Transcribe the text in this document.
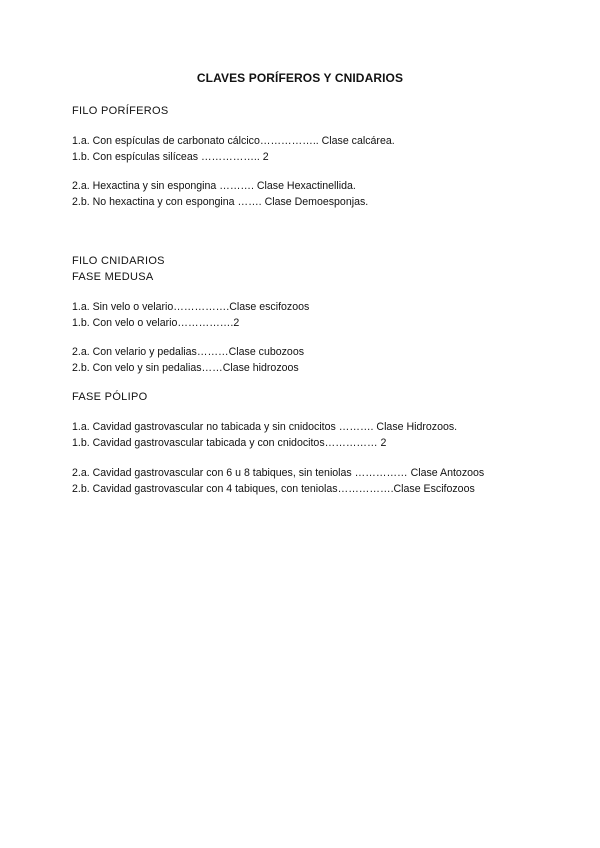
CLAVES PORÍFEROS Y CNIDARIOS
FILO PORÍFEROS
1.a. Con espículas de carbonato cálcico…………….. Clase calcárea.
1.b. Con espículas silíceas …………….. 2
2.a. Hexactina y sin espongina ………. Clase Hexactinellida.
2.b. No hexactina y con espongina ……. Clase Demoesponjas.
FILO CNIDARIOS
FASE MEDUSA
1.a. Sin velo o velario…………….Clase escifozoos
1.b. Con velo o velario…………….2
2.a. Con velario y pedalias………Clase cubozoos
2.b. Con velo y sin pedalias……Clase hidrozoos
FASE PÓLIPO
1.a. Cavidad gastrovascular no tabicada y sin cnidocitos ………. Clase Hidrozoos.
1.b. Cavidad gastrovascular tabicada y con cnidocitos…………… 2
2.a. Cavidad gastrovascular con 6 u 8 tabiques, sin teniolas …………… Clase Antozoos
2.b. Cavidad gastrovascular con 4 tabiques, con teniolas…………….Clase Escifozoos
